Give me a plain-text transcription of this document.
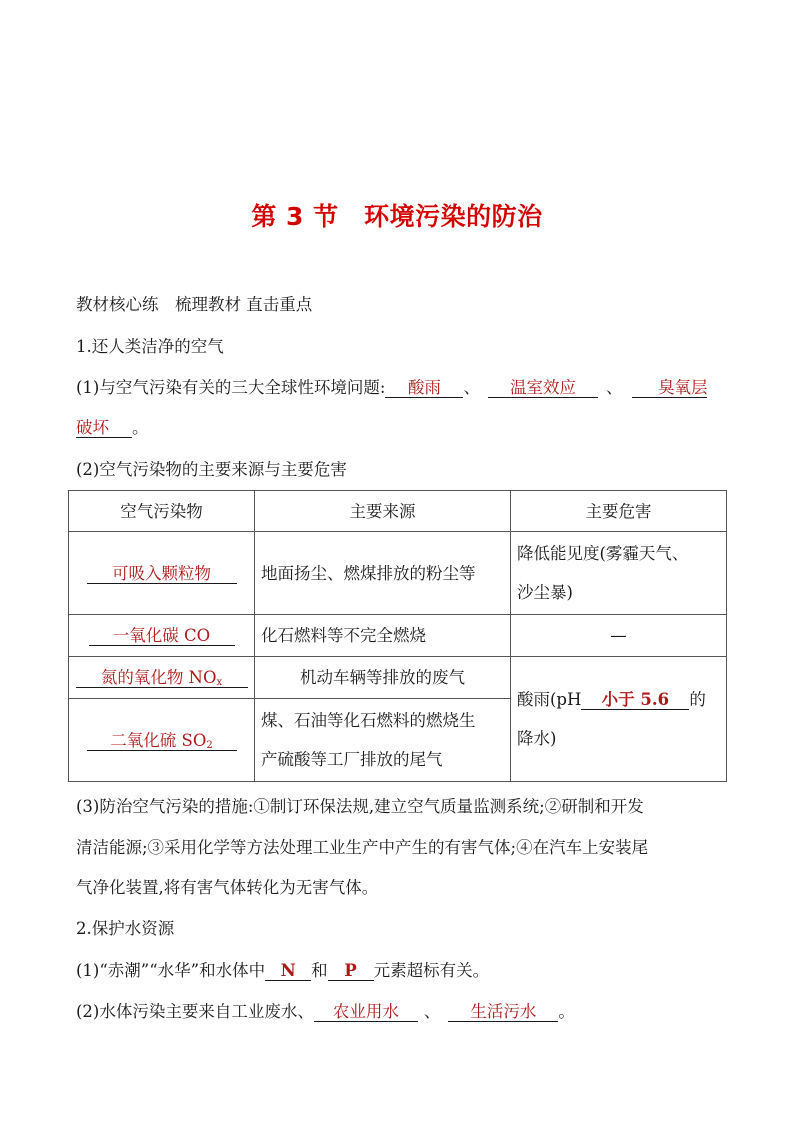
第 3 节　环境污染的防治
教材核心练　梳理教材 直击重点
1.还人类洁净的空气
(1)与空气污染有关的三大全球性环境问题: 酸雨 、 温室效应 、 臭氧层
破坏 。
(2)空气污染物的主要来源与主要危害
空气污染物	主要来源	主要危害
可吸入颗粒物	地面扬尘、燃煤排放的粉尘等	降低能见度(雾霾天气、
沙尘暴)

一氧化碳 CO	化石燃料等不完全燃烧	—
氮的氧化物 $NO_x$	机动车辆等排放的废气	酸雨(pH 小于 5.6 的
降水)

二氧化硫 $SO_2$	煤、石油等化石燃料的燃烧生
产硫酸等工厂排放的尾气	
(3)防治空气污染的措施:①制订环保法规,建立空气质量监测系统;②研制和开发
清洁能源;③采用化学等方法处理工业生产中产生的有害气体;④在汽车上安装尾
气净化装置,将有害气体转化为无害气体。
2.保护水资源
(1)“赤潮”“水华”和水体中 N 和 P 元素超标有关。
(2)水体污染主要来自工业废水、 农业用水 、 生活污水 。
